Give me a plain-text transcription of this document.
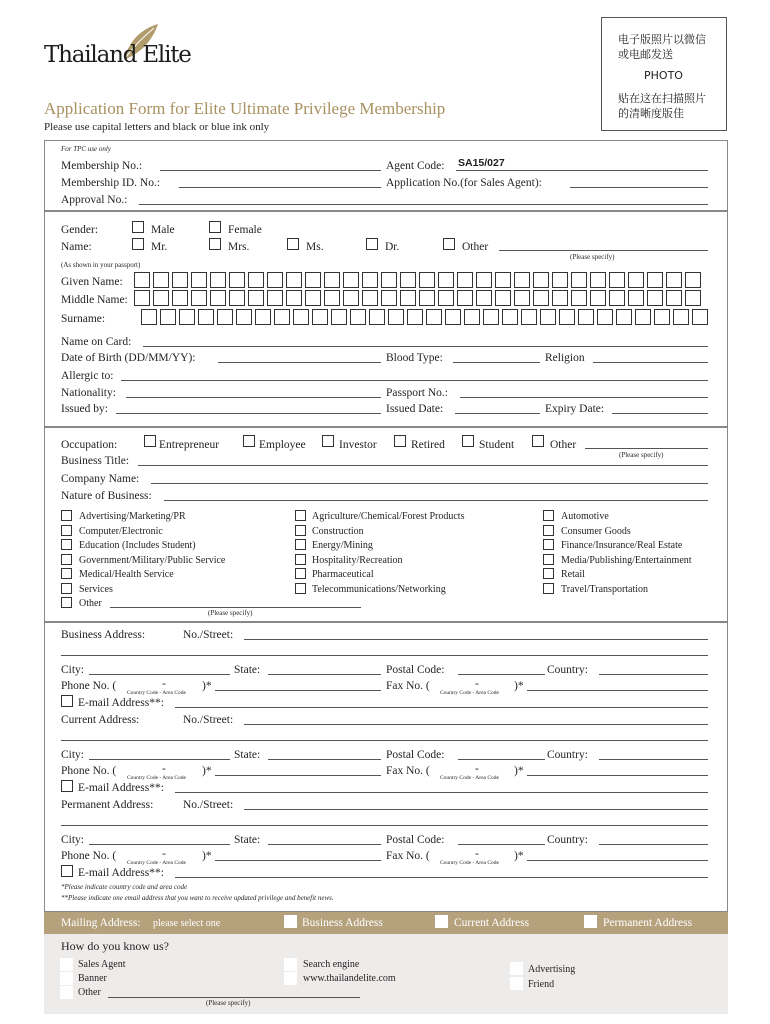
Thailand Elite
电子版照片以微信
或电邮发送
PHOTO
贴在这在扫描照片
的清晰度版佳
Application Form for Elite Ultimate Privilege Membership
Please use capital letters and black or blue ink only
For TPC use only
Membership No.:	Agent Code: SA15/027
Membership ID. No.:	Application No.(for Sales Agent):
Approval No.:
Gender:	Male	Female
Name:	Mr.	Mrs.	Ms.	Dr.	Other
(Please specify)
(As shown in your passport)
Given Name:
Middle Name:
Surname:
Name on Card:
Date of Birth (DD/MM/YY):	Blood Type:	Religion
Allergic to:
Nationality:	Passport No.:
Issued by:	Issued Date:	Expiry Date:
Occupation:	Entrepreneur	Employee	Investor	Retired	Student	Other
(Please specify)
Business Title:
Company Name:
Nature of Business:
Advertising/Marketing/PR
Computer/Electronic
Education (Includes Student)
Government/Military/Public Service
Medical/Health Service
Services
Other
(Please specify)
Agriculture/Chemical/Forest Products
Construction
Energy/Mining
Hospitality/Recreation
Pharmaceutical
Telecommunications/Networking
Automotive
Consumer Goods
Finance/Insurance/Real Estate
Media/Publishing/Entertainment
Retail
Travel/Transportation
Business Address:	No./Street:
City:	State:	Postal Code:	Country:
Phone No. (	-	)*
Country Code - Area Code
Fax No. (	-	)*
Country Code - Area Code
E-mail Address**:
Current Address:	No./Street:
City:	State:	Postal Code:	Country:
Phone No. (	-	)*
Country Code - Area Code
Fax No. (	-	)*
Country Code - Area Code
E-mail Address**:
Permanent Address:	No./Street:
City:	State:	Postal Code:	Country:
Phone No. (	-	)*
Country Code - Area Code
Fax No. (	-	)*
Country Code - Area Code
E-mail Address**:
*Please indicate country code and area code
**Please indicate one email address that you want to receive updated privilege and benefit news.
Mailing Address: please select one	Business Address	Current Address	Permanent Address
How do you know us?
Sales Agent
Banner
Other
(Please specify)
Search engine
www.thailandelite.com
Advertising
Friend
